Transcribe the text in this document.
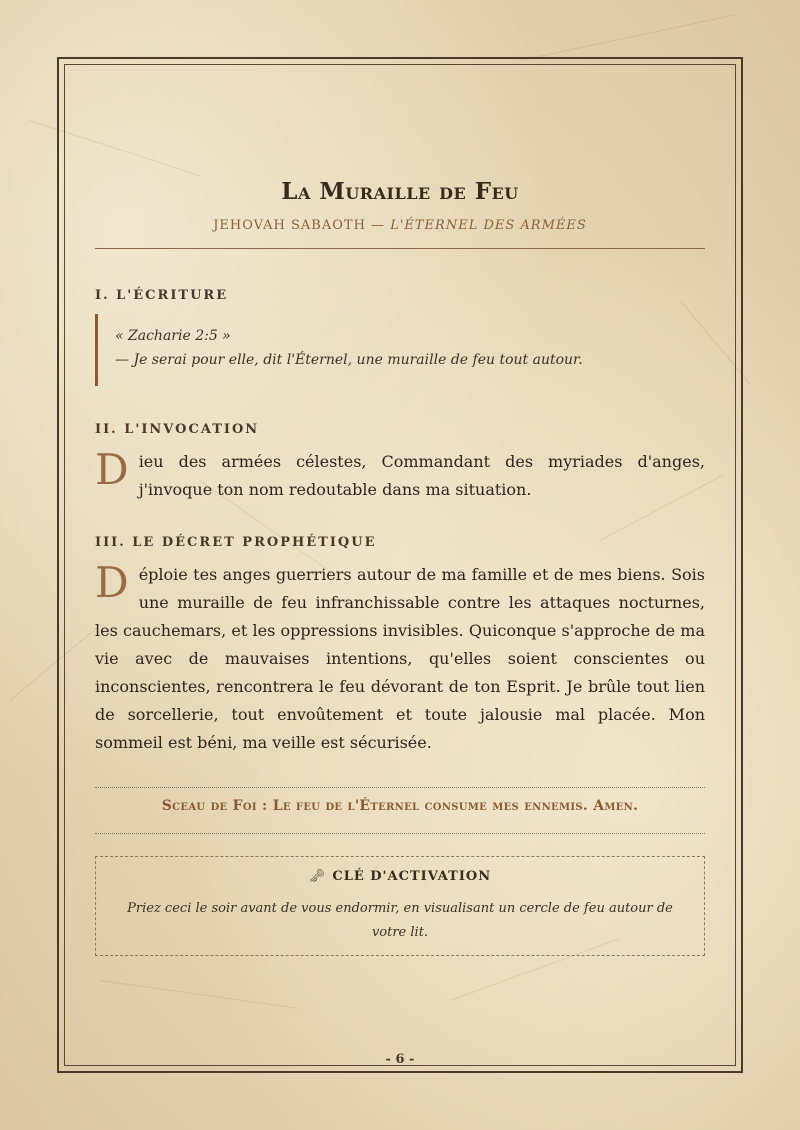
La Muraille de Feu
JEHOVAH SABAOTH — L'ÉTERNEL DES ARMÉES
I. L'ÉCRITURE
« Zacharie 2:5 »
— Je serai pour elle, dit l'Éternel, une muraille de feu tout autour.
II. L'INVOCATION

Dieu des armées célestes, Commandant des myriades d'anges, j'invoque ton nom redoutable dans ma situation.

III. LE DÉCRET PROPHÉTIQUE

Déploie tes anges guerriers autour de ma famille et de mes biens. Sois une muraille de feu infranchissable contre les attaques nocturnes, les cauchemars, et les oppressions invisibles. Quiconque s'approche de ma vie avec de mauvaises intentions, qu'elles soient conscientes ou inconscientes, rencontrera le feu dévorant de ton Esprit. Je brûle tout lien de sorcellerie, tout envoûtement et toute jalousie mal placée. Mon sommeil est béni, ma veille est sécurisée.

Sceau de Foi : Le feu de l'Éternel consume mes ennemis. Amen.
🗝 CLÉ D'ACTIVATION
Priez ceci le soir avant de vous endormir, en visualisant un cercle de feu autour de votre lit.
- 6 -
